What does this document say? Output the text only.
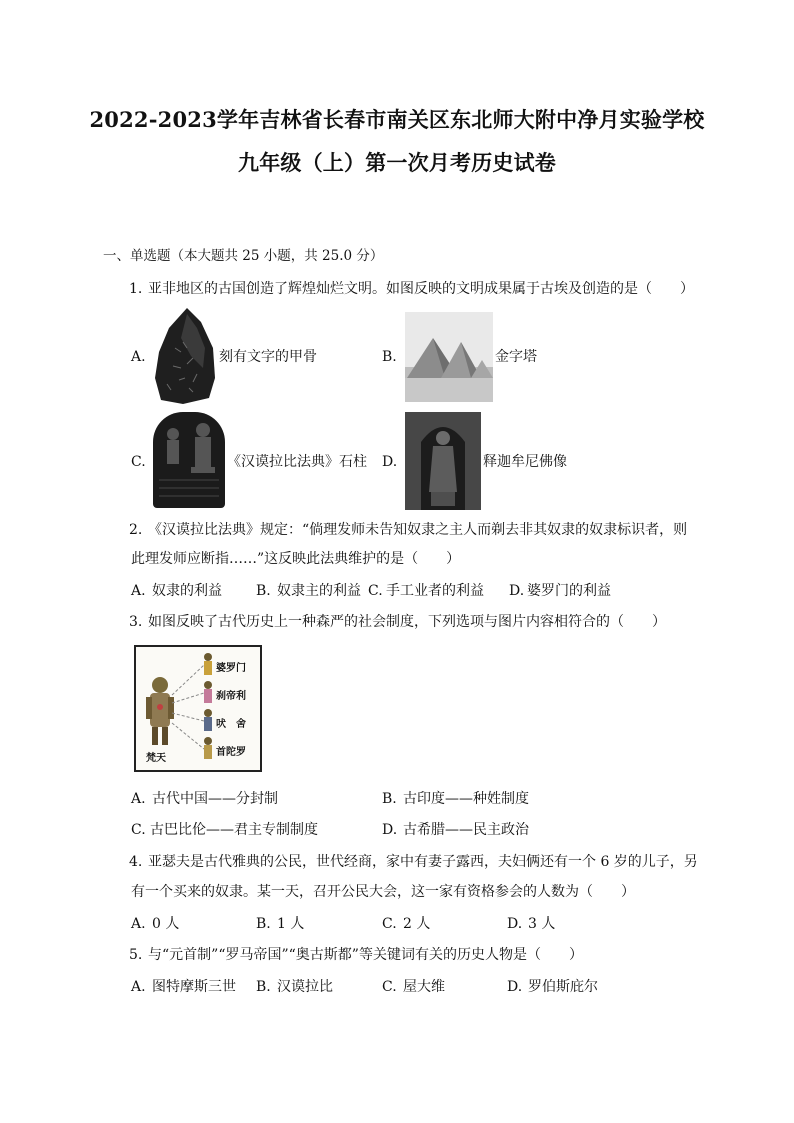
2022-2023学年吉林省长春市南关区东北师大附中净月实验学校
九年级（上）第一次月考历史试卷
一、单选题（本大题共 25 小题，共 25.0 分）
1. 亚非地区的古国创造了辉煌灿烂文明。如图反映的文明成果属于古埃及创造的是（　　）
A.	刻有文字的甲骨	B.	金字塔
C.	《汉谟拉比法典》石柱 D.	释迦牟尼佛像
2. 《汉谟拉比法典》规定：“倘理发师未告知奴隶之主人而剃去非其奴隶的奴隶标识者，则
此理发师应断指……”这反映此法典维护的是（　　）
A. 奴隶的利益 B. 奴隶主的利益 C. 手工业者的利益 D. 婆罗门的利益
3. 如图反映了古代历史上一种森严的社会制度，下列选项与图片内容相符合的（　　）
婆罗门
刹帝利
吠　舍
首陀罗
梵天
A. 古代中国——分封制	B. 古印度——种姓制度
C. 古巴比伦——君主专制制度	D. 古希腊——民主政治
4. 亚瑟夫是古代雅典的公民，世代经商，家中有妻子露西，夫妇俩还有一个 6 岁的儿子，另
有一个买来的奴隶。某一天，召开公民大会，这一家有资格参会的人数为（　　）
A. 0 人	B. 1 人	C. 2 人	D. 3 人
5. 与“元首制”“罗马帝国”“奥古斯都”等关键词有关的历史人物是（　　）
A. 图特摩斯三世 B. 汉谟拉比	C. 屋大维	D. 罗伯斯庇尔
